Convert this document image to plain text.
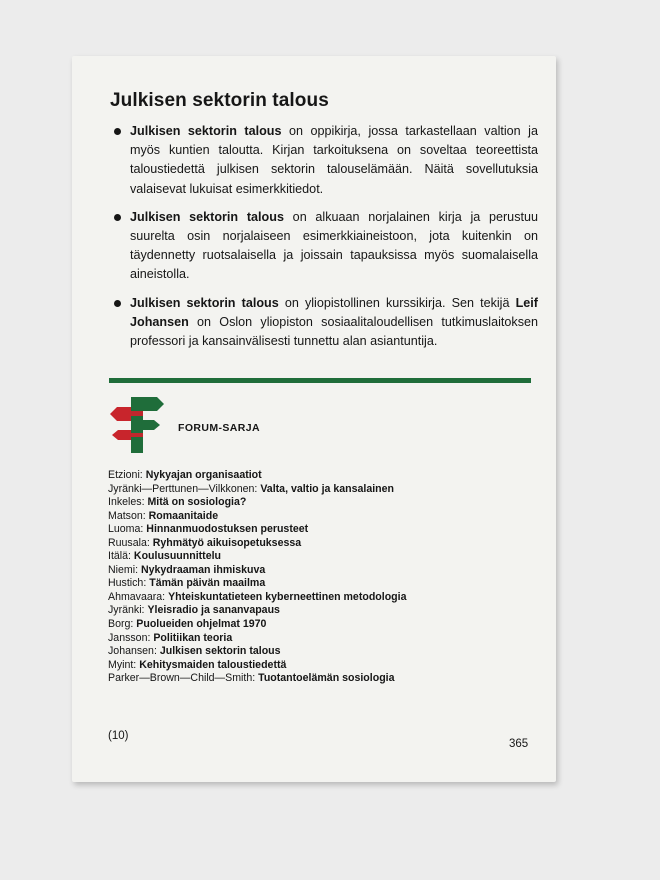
Julkisen sektorin talous
Julkisen sektorin talous on oppikirja, jossa tarkastellaan valtion ja myös kuntien taloutta. Kirjan tarkoituksena on soveltaa teoreettista taloustiedettä julkisen sektorin talouselämään. Näitä sovellutuksia valaisevat lukuisat esimerkkitiedot.
Julkisen sektorin talous on alkuaan norjalainen kirja ja perustuu suurelta osin norjalaiseen esimerkkiaineistoon, jota kuitenkin on täydennetty ruotsalaisella ja joissain tapauksissa myös suomalaisella aineistolla.
Julkisen sektorin talous on yliopistollinen kurssikirja. Sen tekijä Leif Johansen on Oslon yliopiston sosiaalitaloudellisen tutkimuslaitoksen professori ja kansainvälisesti tunnettu alan asiantuntija.
FORUM-SARJA
Etzioni: Nykyajan organisaatiot
Jyränki—Perttunen—Vilkkonen: Valta, valtio ja kansalainen
Inkeles: Mitä on sosiologia?
Matson: Romaanitaide
Luoma: Hinnanmuodostuksen perusteet
Ruusala: Ryhmätyö aikuisopetuksessa
Itälä: Koulusuunnittelu
Niemi: Nykydraaman ihmiskuva
Hustich: Tämän päivän maailma
Ahmavaara: Yhteiskuntatieteen kyberneettinen metodologia
Jyränki: Yleisradio ja sananvapaus
Borg: Puolueiden ohjelmat 1970
Jansson: Politiikan teoria
Johansen: Julkisen sektorin talous
Myint: Kehitysmaiden taloustiedettä
Parker—Brown—Child—Smith: Tuotantoelämän sosiologia
(10)
365
